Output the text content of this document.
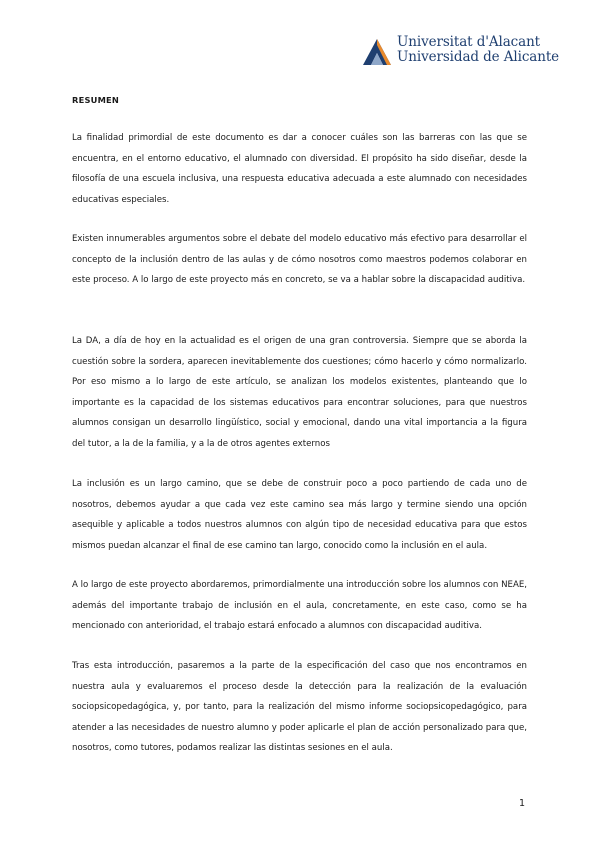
Universitat d'Alacant
Universidad de Alicante
RESUMEN

La finalidad primordial de este documento es dar a conocer cuáles son las barreras con las que se encuentra, en el entorno educativo, el alumnado con diversidad. El propósito ha sido diseñar, desde la filosofía de una escuela inclusiva, una respuesta educativa adecuada a este alumnado con necesidades educativas especiales.

Existen innumerables argumentos sobre el debate del modelo educativo más efectivo para desarrollar el concepto de la inclusión dentro de las aulas y de cómo nosotros como maestros podemos colaborar en este proceso. A lo largo de este proyecto más en concreto, se va a hablar sobre la discapacidad auditiva.

La DA, a día de hoy en la actualidad es el origen de una gran controversia. Siempre que se aborda la cuestión sobre la sordera, aparecen inevitablemente dos cuestiones; cómo hacerlo y cómo normalizarlo. Por eso mismo a lo largo de este artículo, se analizan los modelos existentes, planteando que lo importante es la capacidad de los sistemas educativos para encontrar soluciones, para que nuestros alumnos consigan un desarrollo lingüístico, social y emocional, dando una vital importancia a la figura del tutor, a la de la familia, y a la de otros agentes externos

La inclusión es un largo camino, que se debe de construir poco a poco partiendo de cada uno de nosotros, debemos ayudar a que cada vez este camino sea más largo y termine siendo una opción asequible y aplicable a todos nuestros alumnos con algún tipo de necesidad educativa para que estos mismos puedan alcanzar el final de ese camino tan largo, conocido como la inclusión en el aula.

A lo largo de este proyecto abordaremos, primordialmente una introducción sobre los alumnos con NEAE, además del importante trabajo de inclusión en el aula, concretamente, en este caso, como se ha mencionado con anterioridad, el trabajo estará enfocado a alumnos con discapacidad auditiva.

Tras esta introducción, pasaremos a la parte de la especificación del caso que nos encontramos en nuestra aula y evaluaremos el proceso desde la detección para la realización de la evaluación sociopsicopedagógica, y, por tanto, para la realización del mismo informe sociopsicopedagógico, para atender a las necesidades de nuestro alumno y poder aplicarle el plan de acción personalizado para que, nosotros, como tutores, podamos realizar las distintas sesiones en el aula.

1
